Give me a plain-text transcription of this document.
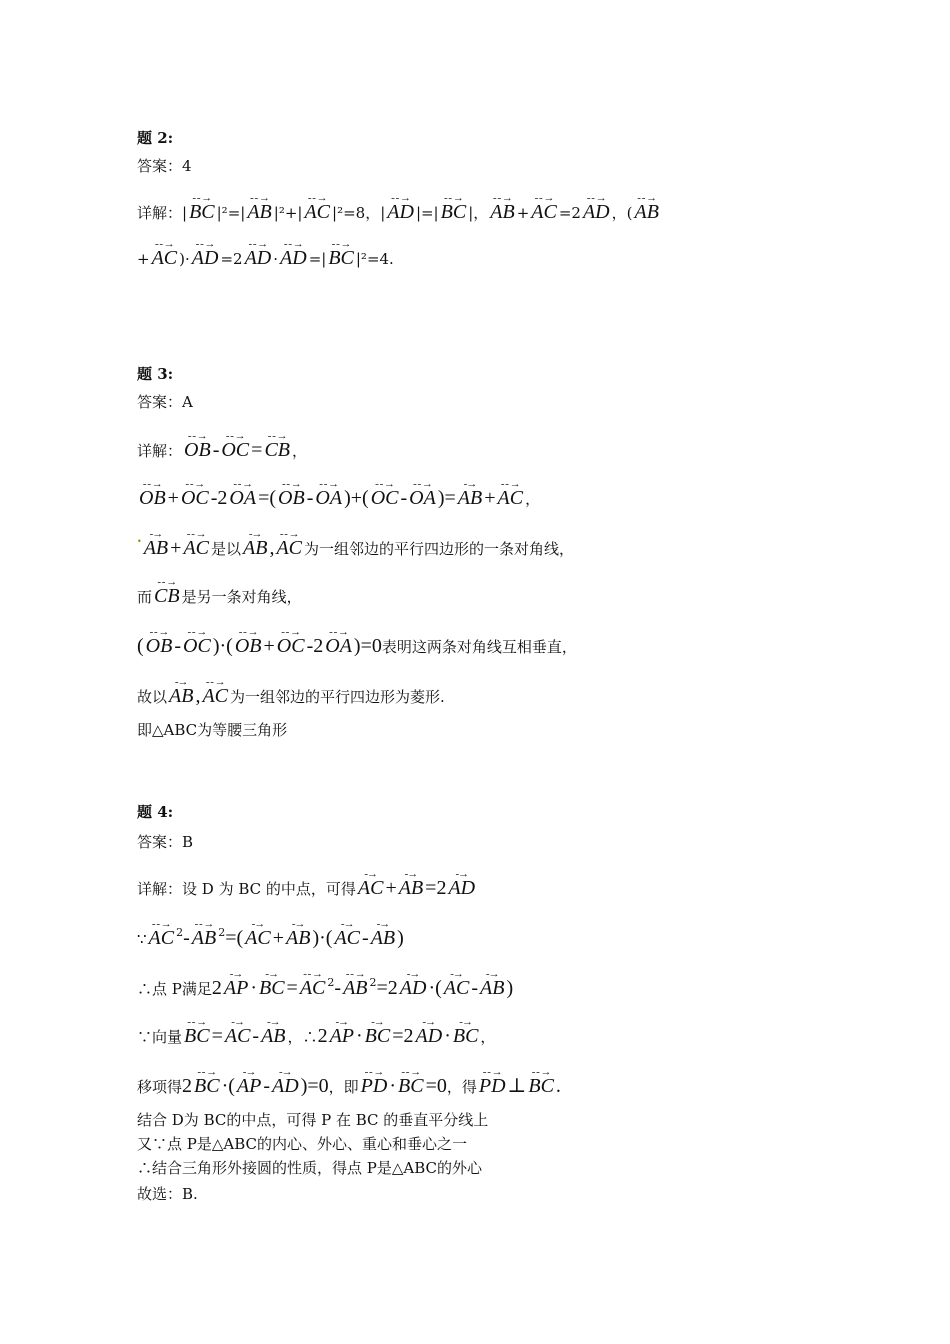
题 2:
答案：4
详解：| - - → BC |²=| - - → AB |²+| - - → AC |²=8，| - - → AD |=| - - → BC |， - - → AB + - - → AC =2 - - → AD ，( - - → AB
+ - - → AC )· - - → AD =2 - - → AD · - - → AD =| - - → BC |²=4.
题 3:
答案：A
详解： - - → OB - - - → OC = - - → CB ，
- - → OB + - - → OC -2 - - → OA =( - - → OB - - - → OA )+( - - → OC - - - → OA )= -→ AB + - - → AC ，
• -→ AB + - - → AC 是以 -→ AB , - - → AC 为一组邻边的平行四边形的一条对角线，
而 - - → CB 是另一条对角线，
( - - → OB - - - → OC )·( - - → OB + - - → OC -2 - - → OA )=0表明这两条对角线互相垂直，
故以 -→ AB , - - → AC 为一组邻边的平行四边形为菱形.
即△ABC为等腰三角形
题 4:
答案：B
详解：设 D 为 BC 的中点，可得 -→ AC + -→ AB =2 -→ AD
∵ - - → AC $^2$- - - → AB $^2$=( -→ AC + -→ AB )·( -→ AC - -→ AB )
∴点 P满足2 -→ AP · -→ BC = - - → AC $^2$- - - → AB $^2$=2 -→ AD ·( -→ AC - -→ AB )
∵向量 - - → BC = -→ AC - -→ AB ，∴2 -→ AP · -→ BC =2 -→ AD · -→ BC ，
移项得2 - - → BC ·( -→ AP - -→ AD )=0，即 - - → PD · - - → BC =0，得 - - → PD ⊥ - - → BC .
结合 D为 BC的中点，可得 P 在 BC 的垂直平分线上
又∵点 P是△ABC的内心、外心、重心和垂心之一
∴结合三角形外接圆的性质，得点 P是△ABC的外心
故选：B.
